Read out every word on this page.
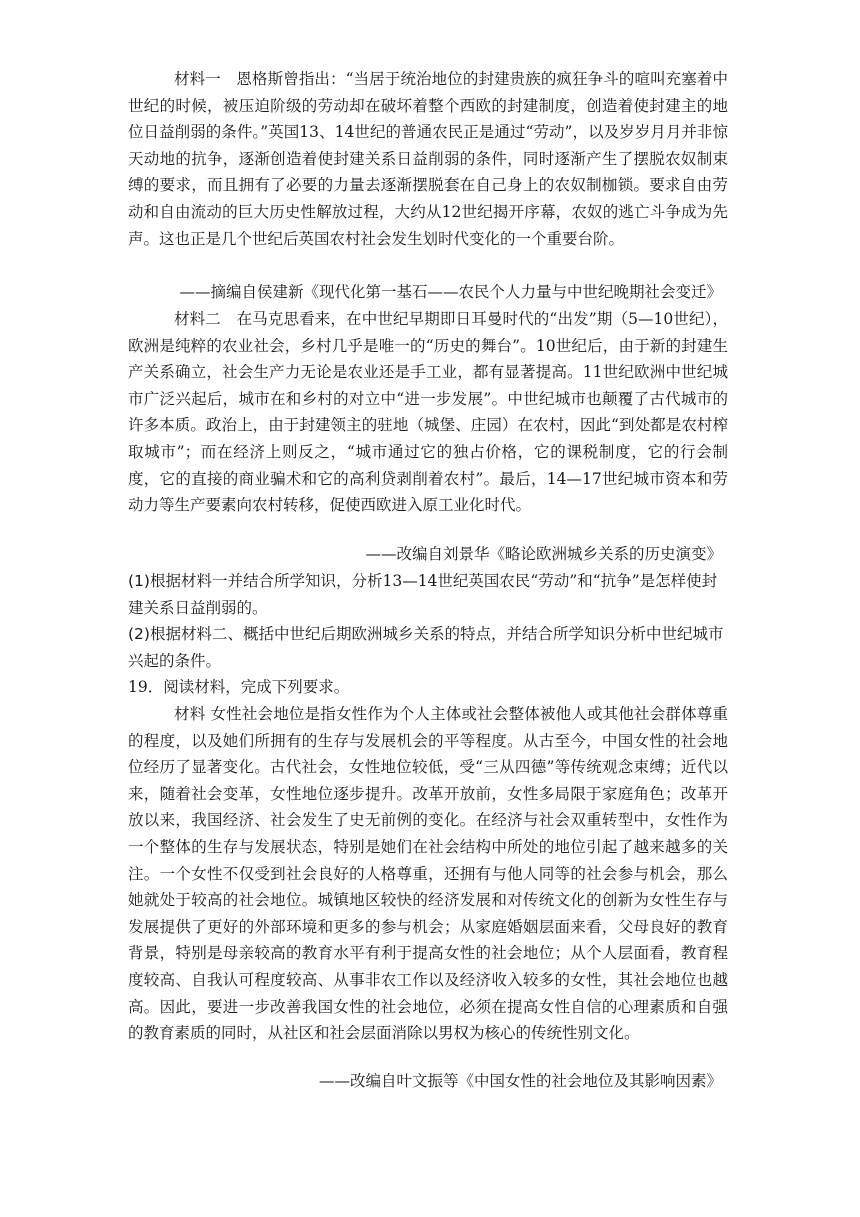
材料一　恩格斯曾指出：“当居于统治地位的封建贵族的疯狂争斗的喧叫充塞着中世纪的时候，被压迫阶级的劳动却在破坏着整个西欧的封建制度，创造着使封建主的地位日益削弱的条件。”英国13、14世纪的普通农民正是通过“劳动”，以及岁岁月月并非惊天动地的抗争，逐渐创造着使封建关系日益削弱的条件，同时逐渐产生了摆脱农奴制束缚的要求，而且拥有了必要的力量去逐渐摆脱套在自己身上的农奴制枷锁。要求自由劳动和自由流动的巨大历史性解放过程，大约从12世纪揭开序幕，农奴的逃亡斗争成为先声。这也正是几个世纪后英国农村社会发生划时代变化的一个重要台阶。

——摘编自侯建新《现代化第一基石——农民个人力量与中世纪晚期社会变迁》

材料二　在马克思看来，在中世纪早期即日耳曼时代的“出发”期（5—10世纪），欧洲是纯粹的农业社会，乡村几乎是唯一的“历史的舞台”。10世纪后，由于新的封建生产关系确立，社会生产力无论是农业还是手工业，都有显著提高。11世纪欧洲中世纪城市广泛兴起后，城市在和乡村的对立中“进一步发展”。中世纪城市也颠覆了古代城市的许多本质。政治上，由于封建领主的驻地（城堡、庄园）在农村，因此“到处都是农村榨取城市”；而在经济上则反之，“城市通过它的独占价格，它的课税制度，它的行会制度，它的直接的商业骗术和它的高利贷剥削着农村”。最后，14—17世纪城市资本和劳动力等生产要素向农村转移，促使西欧进入原工业化时代。

——改编自刘景华《略论欧洲城乡关系的历史演变》

(1)根据材料一并结合所学知识，分析13—14世纪英国农民“劳动”和“抗争”是怎样使封建关系日益削弱的。

(2)根据材料二、概括中世纪后期欧洲城乡关系的特点，并结合所学知识分析中世纪城市兴起的条件。

19．阅读材料，完成下列要求。

材料 女性社会地位是指女性作为个人主体或社会整体被他人或其他社会群体尊重的程度，以及她们所拥有的生存与发展机会的平等程度。从古至今，中国女性的社会地位经历了显著变化。古代社会，女性地位较低，受“三从四德”等传统观念束缚；近代以来，随着社会变革，女性地位逐步提升。改革开放前，女性多局限于家庭角色；改革开放以来，我国经济、社会发生了史无前例的变化。在经济与社会双重转型中，女性作为一个整体的生存与发展状态，特别是她们在社会结构中所处的地位引起了越来越多的关注。一个女性不仅受到社会良好的人格尊重，还拥有与他人同等的社会参与机会，那么她就处于较高的社会地位。城镇地区较快的经济发展和对传统文化的创新为女性生存与发展提供了更好的外部环境和更多的参与机会；从家庭婚姻层面来看，父母良好的教育背景，特别是母亲较高的教育水平有利于提高女性的社会地位；从个人层面看，教育程度较高、自我认可程度较高、从事非农工作以及经济收入较多的女性，其社会地位也越高。因此，要进一步改善我国女性的社会地位，必须在提高女性自信的心理素质和自强的教育素质的同时，从社区和社会层面消除以男权为核心的传统性别文化。

——改编自叶文振等《中国女性的社会地位及其影响因素》
